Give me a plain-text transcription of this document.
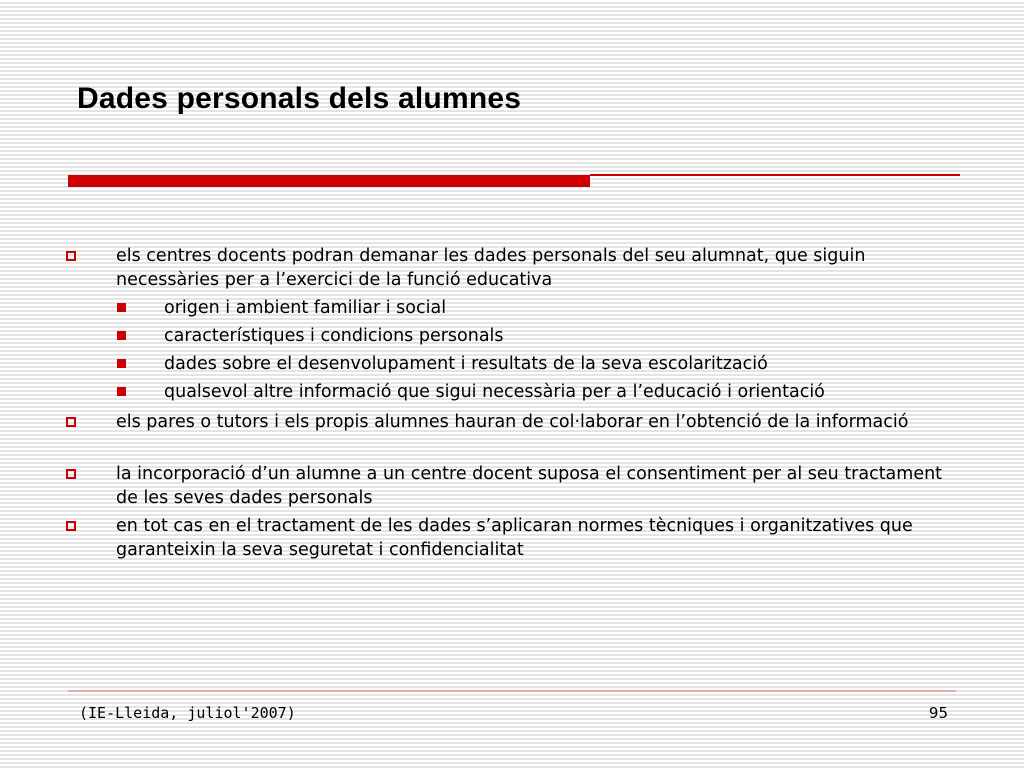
Dades personals dels alumnes
els centres docents podran demanar les dades personals del seu alumnat, que siguin necessàries per a l’exercici de la funció educativa
origen i ambient familiar i social
característiques i condicions personals
dades sobre el desenvolupament i resultats de la seva escolarització
qualsevol altre informació que sigui necessària per a l’educació i orientació
els pares o tutors i els propis alumnes hauran de col·laborar en l’obtenció de la informació
la incorporació d’un alumne a un centre docent suposa el consentiment per al seu tractament de les seves dades personals
en tot cas en el tractament de les dades s’aplicaran normes tècniques i organitzatives que garanteixin la seva seguretat i confidencialitat
(IE-Lleida, juliol'2007)	95
